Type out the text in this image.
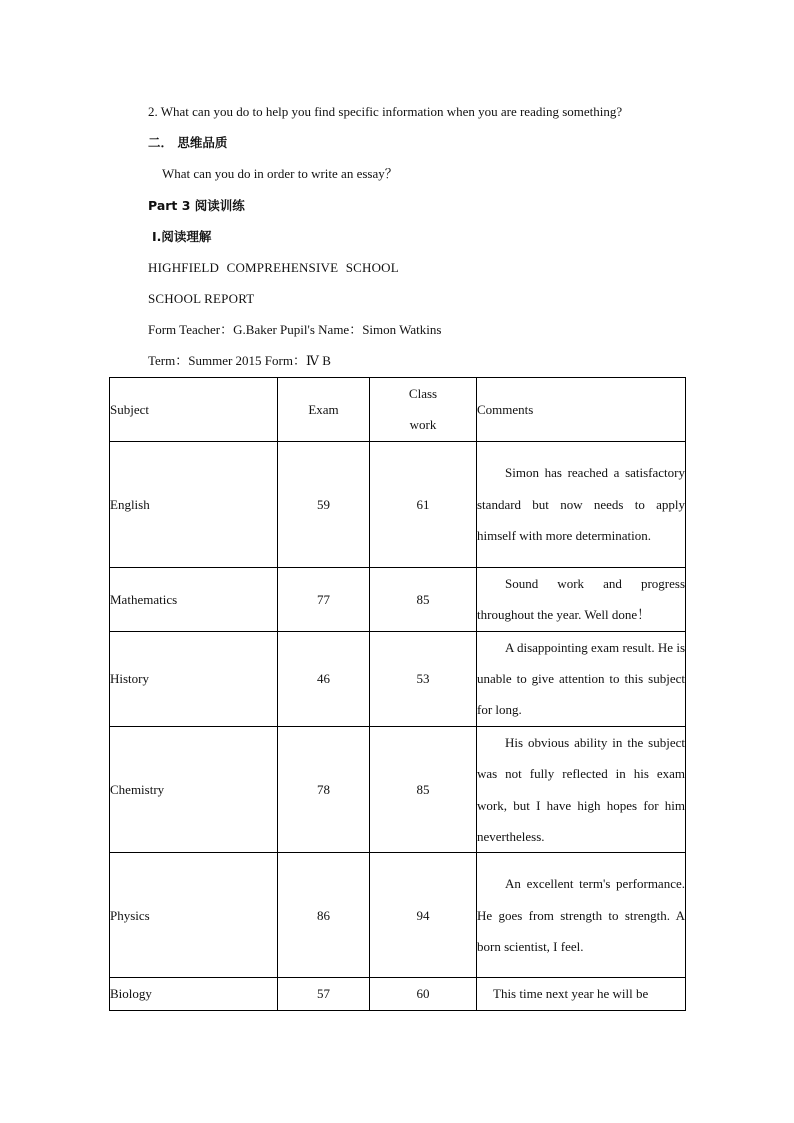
2. What can you do to help you find specific information when you are reading something?
二． 思维品质
What can you do in order to write an essay？
Part 3 阅读训练
Ⅰ.阅读理解
HIGHFIELD COMPREHENSIVE SCHOOL
SCHOOL REPORT
Form Teacher：G.Baker Pupil's Name：Simon Watkins
Term：Summer 2015 Form：Ⅳ B
Subject	Exam	Class work	Comments
English	59	61	Simon has reached a satisfactory standard but now needs to apply himself with more determination.

Mathematics	77	85	Sound work and progress throughout the year. Well done！

History	46	53	A disappointing exam result. He is unable to give attention to this subject for long.

Chemistry	78	85	His obvious ability in the subject was not fully reflected in his exam work, but I have high hopes for him nevertheless.

Physics	86	94	An excellent term's performance. He goes from strength to strength. A born scientist, I feel.

Biology	57	60	This time next year he will be
